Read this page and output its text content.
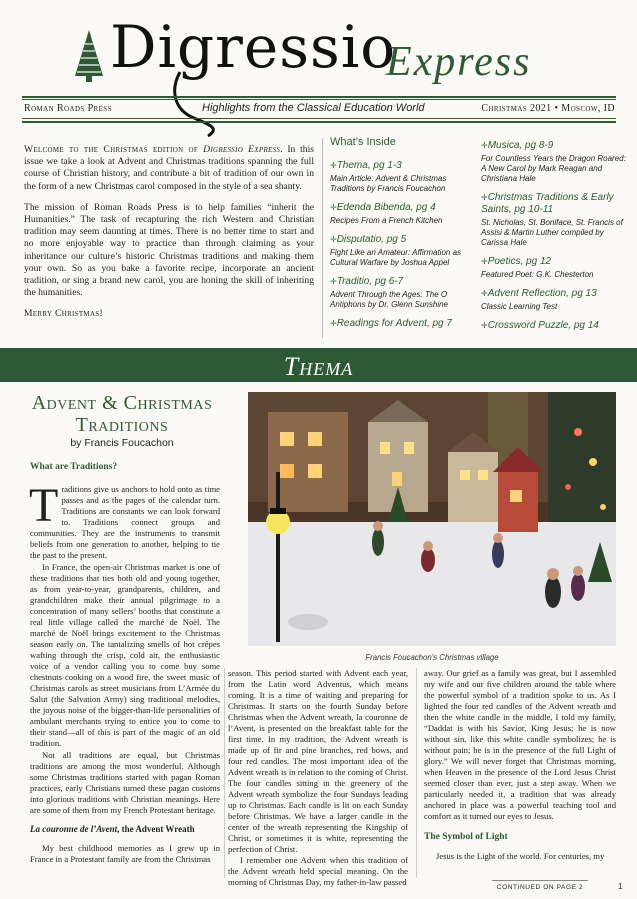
Digressio
Express
Roman Roads Press	Highlights from the Classical Education World	Christmas 2021 • Moscow, ID

Welcome to the Christmas edition of Digressio Express. In this issue we take a look at Advent and Christmas traditions spanning the full course of Christian history, and contribute a bit of tradition of our own in the form of a new Christmas carol composed in the style of a sea shanty.

The mission of Roman Roads Press is to help families “inherit the Humanities.” The task of recapturing the rich Western and Christian tradition may seem daunting at times. There is no better time to start and no more enjoyable way to practice than through claiming as your inheritance our culture’s historic Christmas traditions and making them your own. So as you bake a favorite recipe, incorporate an ancient tradition, or sing a brand new carol, you are honing the skill of inheriting the humanities.

Merry Christmas!

What’s Inside
✛ Thema, pg 1-3
Main Article: Advent & Christmas Traditions by Francis Foucachon
✛ Edenda Bibenda, pg 4
Recipes From a French Kitchen
✛ Disputatio, pg 5
Fight Like an Amateur: Affirmation as Cultural Warfare by Joshua Appel
✛ Traditio, pg 6-7
Advent Through the Ages: The O Antiphons by Dr. Glenn Sunshine
✛ Readings for Advent, pg 7
✛ Musica, pg 8-9
For Countless Years the Dragon Roared: A New Carol by Mark Reagan and Christiana Hale
✛ Christmas Traditions & Early Saints, pg 10-11
St. Nicholas, St. Boniface, St. Francis of Assisi & Martin Luther compiled by Carissa Hale
✛ Poetics, pg 12
Featured Poet: G.K. Chesterton
✛ Advent Reflection, pg 13
Classic Learning Test
✛ Crossword Puzzle, pg 14
Thema
Advent & Christmas Traditions
by Francis Foucachon
What are Traditions?

Traditions give us anchors to hold onto as time passes and as the pages of the calendar turn. Traditions are constants we can look forward to. Traditions connect groups and communities. They are the instruments to transmit beliefs from one generation to another, helping to tie the past to the present.

In France, the open-air Christmas market is one of these traditions that ties both old and young together, as from year-to-year, grandparents, children, and grandchildren make their annual pilgrimage to a concentration of many sellers’ booths that constitute a real little village called the marché de Noël. The marché de Noël brings excitement to the Christmas season early on. The tantalizing smells of hot crêpes wafting through the crisp, cold air, the enthusiastic voice of a vendor calling you to come buy some chestnuts cooking on a wood fire, the sweet music of Christmas carols as street musicians from L’Armée du Salut (the Salvation Army) sing traditional melodies, the joyous noise of the bigger-than-life personalities of ambulant merchants trying to entice you to come to their stand—all of this is part of the magic of an old tradition.

Not all traditions are equal, but Christmas traditions are among the most wonderful. Although some Christmas traditions started with pagan Roman practices, early Christians turned these pagan customs into glorious traditions with Christian meanings. Here are some of them from my French Protestant heritage.

La couronne de l’Avent, the Advent Wreath

My best childhood memories as I grew up in France in a Protestant family are from the Christmas

Francis Foucachon's Christmas village

season. This period started with Advent each year, from the Latin word Adventus, which means coming. It is a time of waiting and preparing for Christmas. It starts on the fourth Sunday before Christmas when the Advent wreath, la couronne de l’Avent, is presented on the breakfast table for the first time. In my tradition, the Advent wreath is made up of fir and pine branches, red bows, and four red candles. The most important idea of the Advent wreath is in relation to the coming of Christ. The four candles sitting in the greenery of the Advent wreath symbolize the four Sundays leading up to Christmas. Each candle is lit on each Sunday before Christmas. We have a larger candle in the center of the wreath representing the Kingship of Christ, or sometimes it is white, representing the perfection of Christ.

I remember one Advent when this tradition of the Advent wreath held special meaning. On the morning of Christmas Day, my father-in-law passed

away. Our grief as a family was great, but I assembled my wife and our five children around the table where the powerful symbol of a tradition spoke to us. As I lighted the four red candles of the Advent wreath and then the white candle in the middle, I told my family, “Daddat is with his Savior, King Jesus; he is now without sin, like this white candle symbolizes; he is without pain; he is in the presence of the full Light of glory.” We will never forget that Christmas morning, when Heaven in the presence of the Lord Jesus Christ seemed closer than ever, just a step away. When we particularly needed it, a tradition that was already anchored in place was a powerful teaching tool and comfort as it turned our eyes to Jesus.

The Symbol of Light

Jesus is the Light of the world. For centuries, my

CONTINUED ON PAGE 2	1
